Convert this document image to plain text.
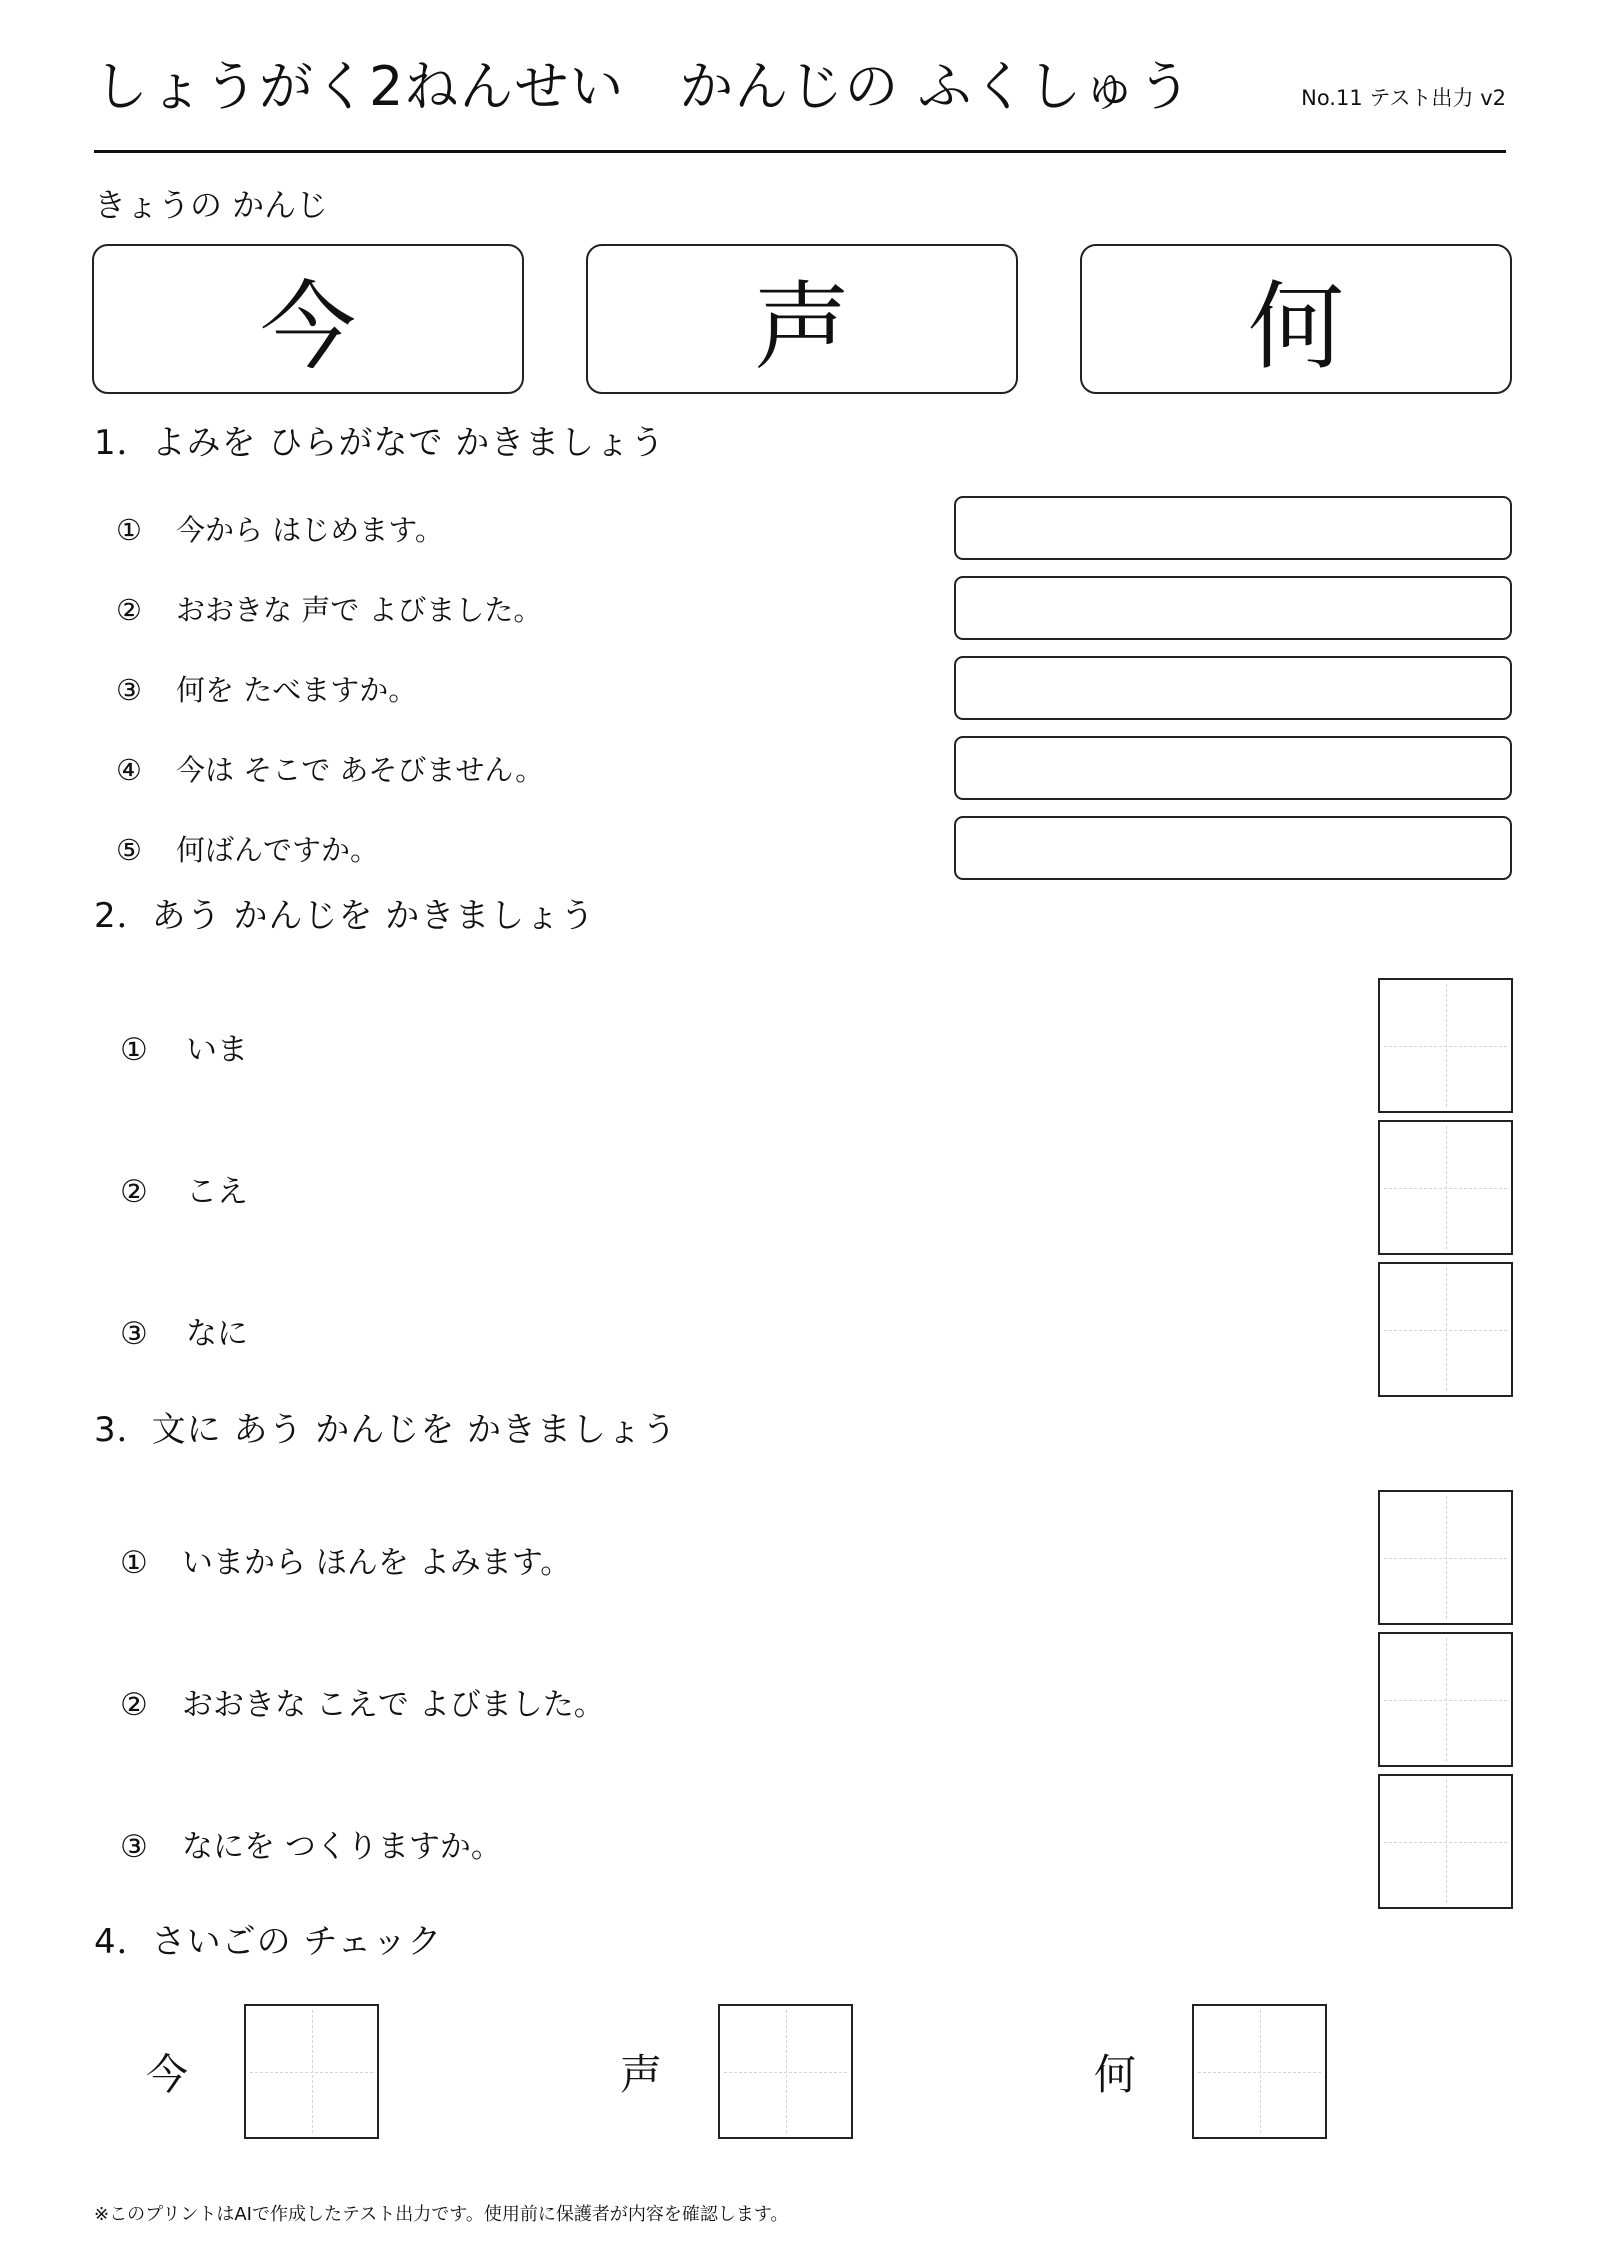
しょうがく2ねんせい　かんじの ふくしゅう	No.11 テスト出力 v2
きょうの かんじ
今	声	何
1．よみを ひらがなで かきましょう
① 今から はじめます。
② おおきな 声で よびました。
③ 何を たべますか。
④ 今は そこで あそびません。
⑤ 何ばんですか。
2．あう かんじを かきましょう
① いま
② こえ
③ なに
3．文に あう かんじを かきましょう
① いまから ほんを よみます。
② おおきな こえで よびました。
③ なにを つくりますか。
4．さいごの チェック
今	声	何
※このプリントはAIで作成したテスト出力です。使用前に保護者が内容を確認します。
